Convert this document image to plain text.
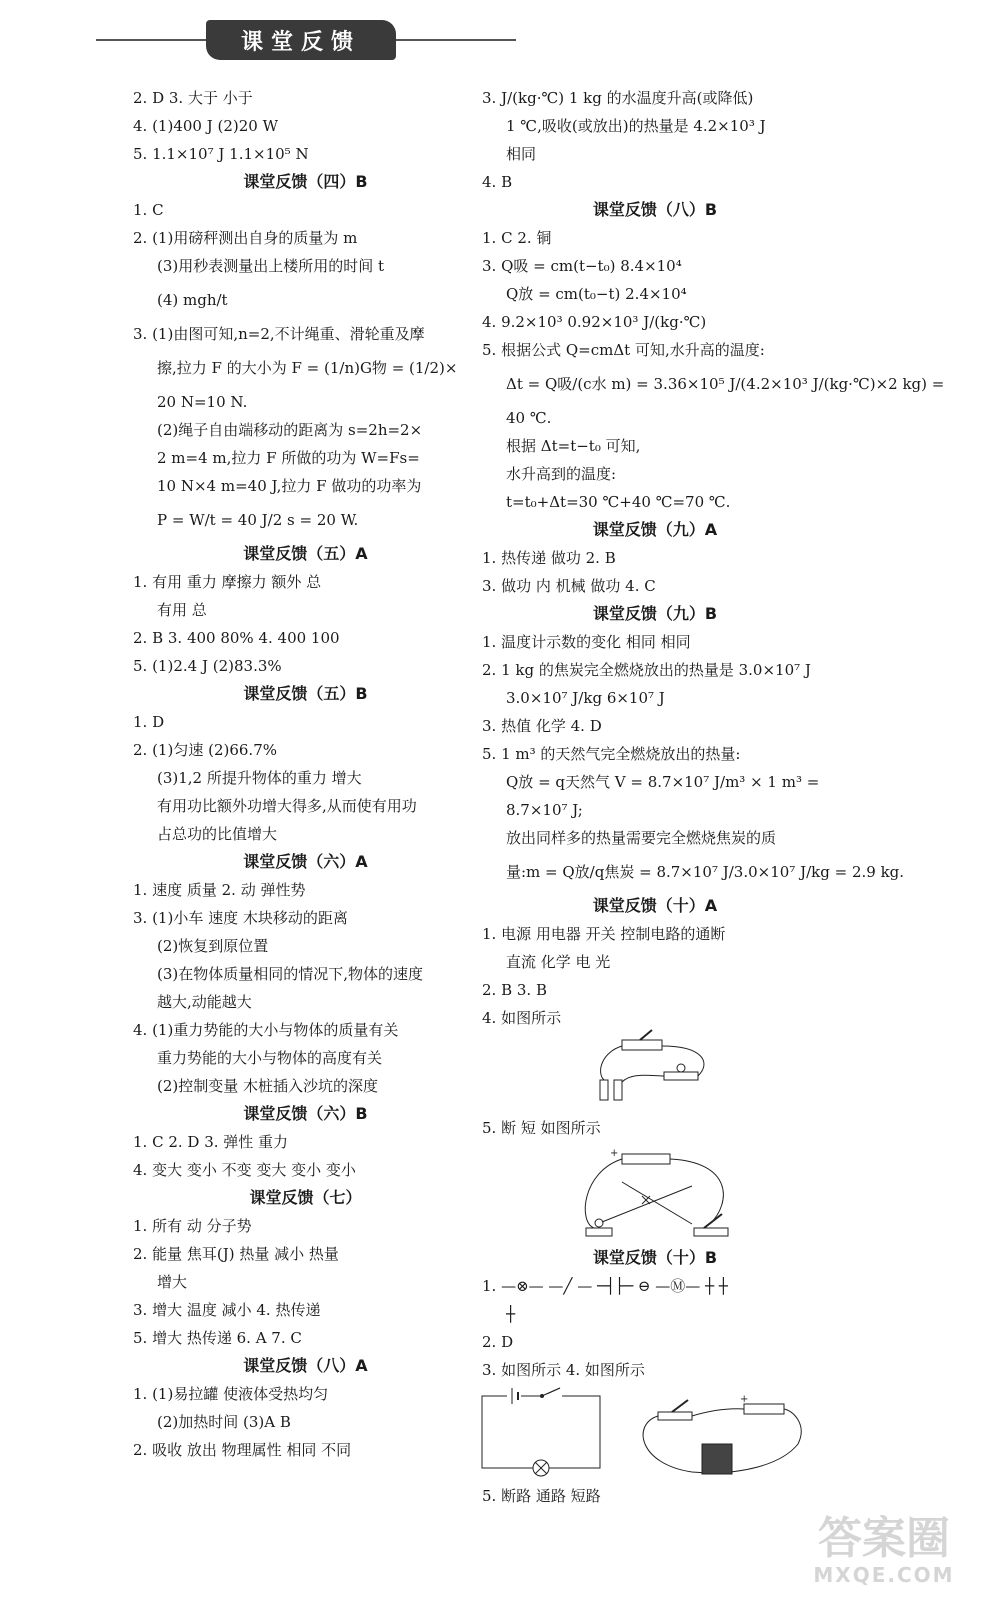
课堂反馈
2. D 3. 大于 小于
4. (1)400 J (2)20 W
5. 1.1×10⁷ J 1.1×10⁵ N
课堂反馈（四）B
1. C
2. (1)用磅秤测出自身的质量为 m
(3)用秒表测量出上楼所用的时间 t
(4) mgh/t
3. (1)由图可知,n=2,不计绳重、滑轮重及摩
擦,拉力 F 的大小为 F = (1/n)G物 = (1/2)×
20 N=10 N.
(2)绳子自由端移动的距离为 s=2h=2×
2 m=4 m,拉力 F 所做的功为 W=Fs=
10 N×4 m=40 J,拉力 F 做功的功率为
P = W/t = 40 J/2 s = 20 W.
课堂反馈（五）A
1. 有用 重力 摩擦力 额外 总
有用 总
2. B 3. 400 80% 4. 400 100
5. (1)2.4 J (2)83.3%
课堂反馈（五）B
1. D
2. (1)匀速 (2)66.7%
(3)1,2 所提升物体的重力 增大
有用功比额外功增大得多,从而使有用功
占总功的比值增大
课堂反馈（六）A
1. 速度 质量 2. 动 弹性势
3. (1)小车 速度 木块移动的距离
(2)恢复到原位置
(3)在物体质量相同的情况下,物体的速度
越大,动能越大
4. (1)重力势能的大小与物体的质量有关
重力势能的大小与物体的高度有关
(2)控制变量 木桩插入沙坑的深度
课堂反馈（六）B
1. C 2. D 3. 弹性 重力
4. 变大 变小 不变 变大 变小 变小
课堂反馈（七）
1. 所有 动 分子势
2. 能量 焦耳(J) 热量 减小 热量
增大
3. 增大 温度 减小 4. 热传递
5. 增大 热传递 6. A 7. C
课堂反馈（八）A
1. (1)易拉罐 使液体受热均匀
(2)加热时间 (3)A B
2. 吸收 放出 物理属性 相同 不同
3. J/(kg·℃) 1 kg 的水温度升高(或降低)
1 ℃,吸收(或放出)的热量是 4.2×10³ J
相同
4. B
课堂反馈（八）B
1. C 2. 铜
3. Q吸 = cm(t−t₀) 8.4×10⁴
Q放 = cm(t₀−t) 2.4×10⁴
4. 9.2×10³ 0.92×10³ J/(kg·℃)
5. 根据公式 Q=cmΔt 可知,水升高的温度:
Δt = Q吸/(c水 m) = 3.36×10⁵ J/(4.2×10³ J/(kg·℃)×2 kg) =
40 ℃.
根据 Δt=t−t₀ 可知,
水升高到的温度:
t=t₀+Δt=30 ℃+40 ℃=70 ℃.
课堂反馈（九）A
1. 热传递 做功 2. B
3. 做功 内 机械 做功 4. C
课堂反馈（九）B
1. 温度计示数的变化 相同 相同
2. 1 kg 的焦炭完全燃烧放出的热量是 3.0×10⁷ J
3.0×10⁷ J/kg 6×10⁷ J
3. 热值 化学 4. D
5. 1 m³ 的天然气完全燃烧放出的热量:
Q放 = q天然气 V = 8.7×10⁷ J/m³ × 1 m³ =
8.7×10⁷ J;
放出同样多的热量需要完全燃烧焦炭的质
量:m = Q放/q焦炭 = 8.7×10⁷ J/3.0×10⁷ J/kg = 2.9 kg.
课堂反馈（十）A
1. 电源 用电器 开关 控制电路的通断
直流 化学 电 光
2. B 3. B
4. 如图所示
5. 断 短 如图所示
+
课堂反馈（十）B
1. —⊗— —╱ — ─┤├─ ⊖ —Ⓜ— ┼ ┼
┼
2. D
3. 如图所示 4. 如图所示
+
5. 断路 通路 短路
答案圈
MXQE.COM
